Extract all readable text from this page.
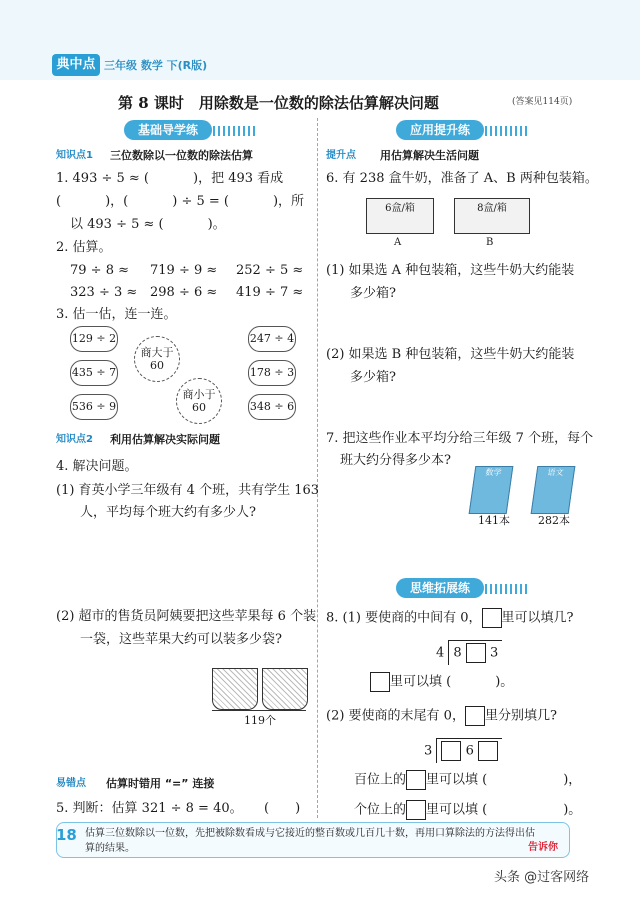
典中点 三年级 数学 下(R版)
第 8 课时　用除数是一位数的除法估算解决问题	(答案见114页)
基础导学练
知识点1 三位数除以一位数的除法估算
1. 493 ÷ 5 ≈ (	)，把 493 看成
(	)，(	) ÷ 5 = (	)，所
以 493 ÷ 5 ≈ (	)。
2. 估算。
79 ÷ 8 ≈ 719 ÷ 9 ≈ 252 ÷ 5 ≈
323 ÷ 3 ≈ 298 ÷ 6 ≈ 419 ÷ 7 ≈
3. 估一估，连一连。
129 ÷ 2
435 ÷ 7
536 ÷ 9
247 ÷ 4
178 ÷ 3
348 ÷ 6
商大于60
商小于60
知识点2 利用估算解决实际问题
4. 解决问题。
(1) 育英小学三年级有 4 个班，共有学生 163
人，平均每个班大约有多少人?
(2) 超市的售货员阿姨要把这些苹果每 6 个装
一袋，这些苹果大约可以装多少袋?
119个
易错点 估算时错用 “=” 连接
5. 判断：估算 321 ÷ 8 = 40。 (　　)
应用提升练
提升点 用估算解决生活问题
6. 有 238 盒牛奶，准备了 A、B 两种包装箱。
6盒/箱	8盒/箱
A	B
(1) 如果选 A 种包装箱，这些牛奶大约能装
多少箱?
(2) 如果选 B 种包装箱，这些牛奶大约能装
多少箱?
7. 把这些作业本平均分给三年级 7 个班，每个
班大约分得多少本?
数学	语文
141本	282本
思维拓展练
8. (1) 要使商的中间有 0， 里可以填几?
4 8 3
里可以填 (	)。
(2) 要使商的末尾有 0， 里分别填几?
3	6
百位上的 里可以填 (	)，
个位上的 里可以填 (	)。
估算三位数除以一位数，先把被除数看成与它接近的整百数或几百几十数，再用口算除法的方法得出估算的结果。
18
告诉你
头条 @过客网络
